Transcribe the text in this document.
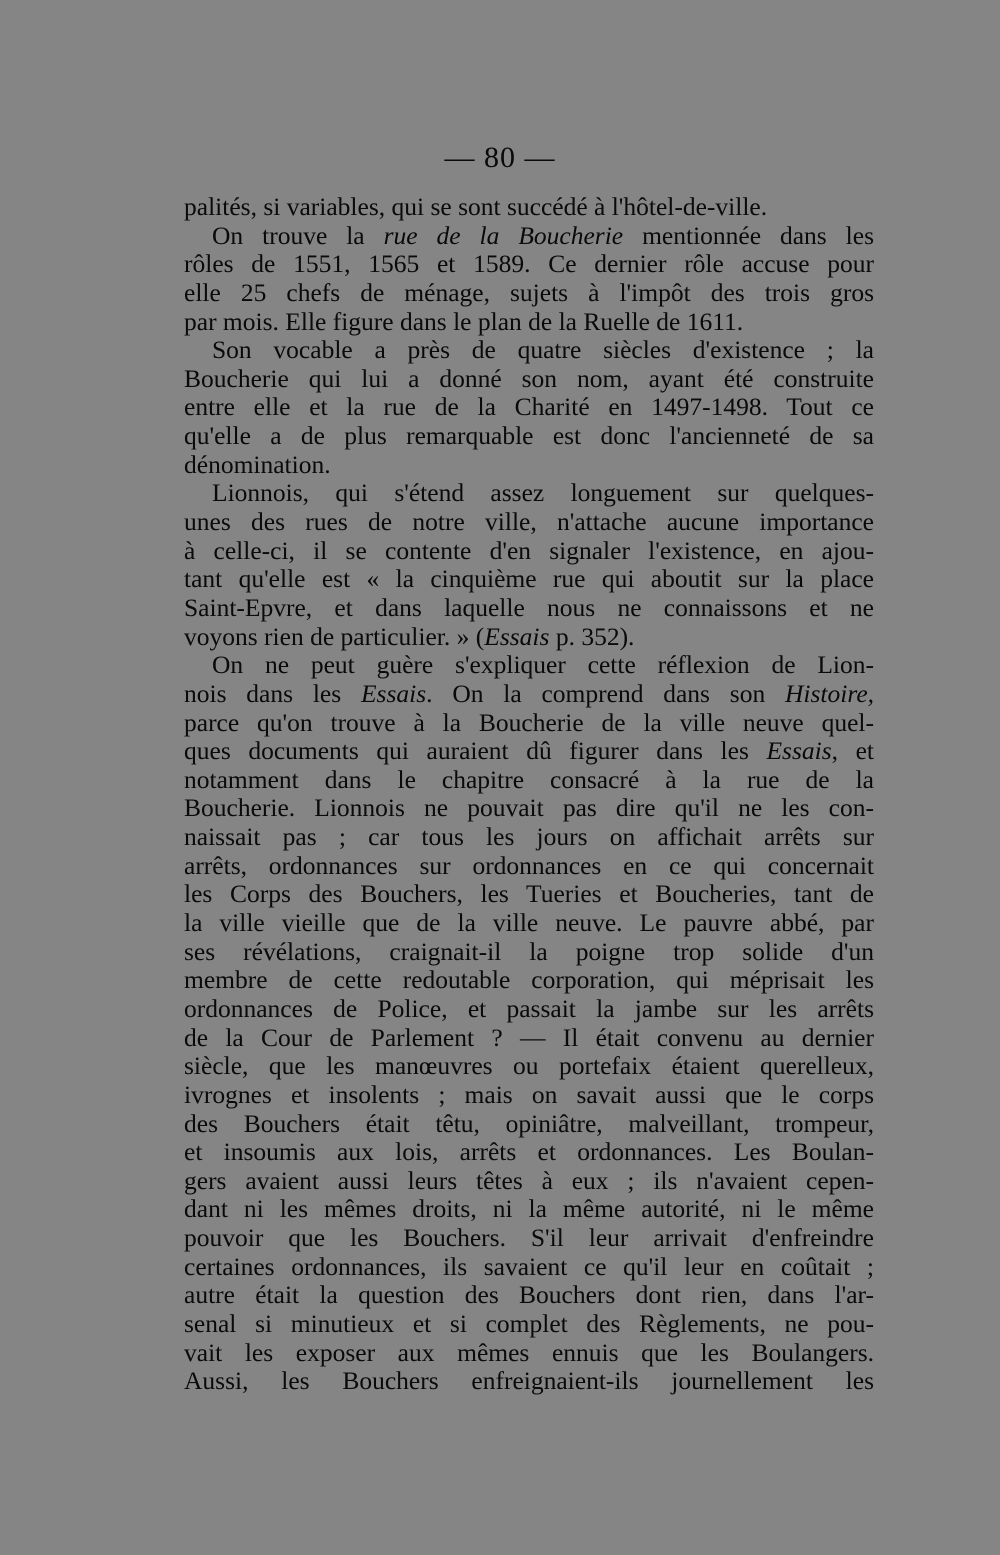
— 80 —
palités, si variables, qui se sont succédé à l'hôtel-de-ville.
On trouve la rue de la Boucherie mentionnée dans les
rôles de 1551, 1565 et 1589. Ce dernier rôle accuse pour
elle 25 chefs de ménage, sujets à l'impôt des trois gros
par mois. Elle figure dans le plan de la Ruelle de 1611.
Son vocable a près de quatre siècles d'existence ; la
Boucherie qui lui a donné son nom, ayant été construite
entre elle et la rue de la Charité en 1497-1498. Tout ce
qu'elle a de plus remarquable est donc l'ancienneté de sa
dénomination.
Lionnois, qui s'étend assez longuement sur quelques-
unes des rues de notre ville, n'attache aucune importance
à celle-ci, il se contente d'en signaler l'existence, en ajou-
tant qu'elle est « la cinquième rue qui aboutit sur la place
Saint-Epvre, et dans laquelle nous ne connaissons et ne
voyons rien de particulier. » (Essais p. 352).
On ne peut guère s'expliquer cette réflexion de Lion-
nois dans les Essais. On la comprend dans son Histoire,
parce qu'on trouve à la Boucherie de la ville neuve quel-
ques documents qui auraient dû figurer dans les Essais, et
notamment dans le chapitre consacré à la rue de la
Boucherie. Lionnois ne pouvait pas dire qu'il ne les con-
naissait pas ; car tous les jours on affichait arrêts sur
arrêts, ordonnances sur ordonnances en ce qui concernait
les Corps des Bouchers, les Tueries et Boucheries, tant de
la ville vieille que de la ville neuve. Le pauvre abbé, par
ses révélations, craignait-il la poigne trop solide d'un
membre de cette redoutable corporation, qui méprisait les
ordonnances de Police, et passait la jambe sur les arrêts
de la Cour de Parlement ? — Il était convenu au dernier
siècle, que les manœuvres ou portefaix étaient querelleux,
ivrognes et insolents ; mais on savait aussi que le corps
des Bouchers était têtu, opiniâtre, malveillant, trompeur,
et insoumis aux lois, arrêts et ordonnances. Les Boulan-
gers avaient aussi leurs têtes à eux ; ils n'avaient cepen-
dant ni les mêmes droits, ni la même autorité, ni le même
pouvoir que les Bouchers. S'il leur arrivait d'enfreindre
certaines ordonnances, ils savaient ce qu'il leur en coûtait ;
autre était la question des Bouchers dont rien, dans l'ar-
senal si minutieux et si complet des Règlements, ne pou-
vait les exposer aux mêmes ennuis que les Boulangers.
Aussi, les Bouchers enfreignaient-ils journellement les
